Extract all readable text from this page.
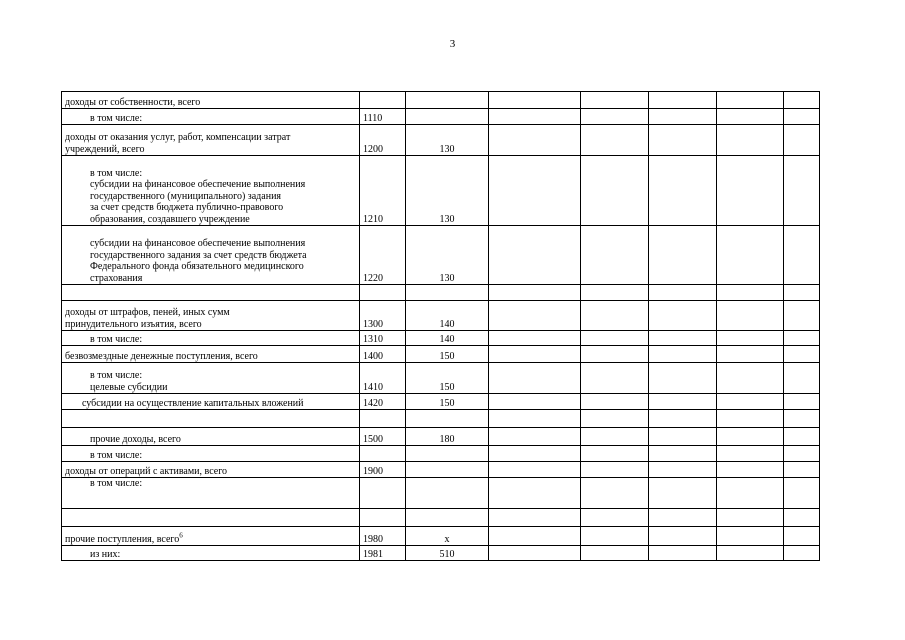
3
доходы от собственности, всего								

в том числе:	1110							

доходы от оказания услуг, работ, компенсации затрат
учреждений, всего	1200	130						

в том числе:
субсидии на финансовое обеспечение выполнения
государственного (муниципального) задания
за счет средств бюджета публично-правового
образования, создавшего учреждение	1210	130						

субсидии на финансовое обеспечение выполнения
государственного задания за счет средств бюджета
Федерального фонда обязательного медицинского
страхования	1220	130						

доходы от штрафов, пеней, иных сумм
принудительного изъятия, всего	1300	140						

в том числе:	1310	140						

безвозмездные денежные поступления, всего	1400	150						

в том числе:
целевые субсидии	1410	150						

субсидии на осуществление капитальных вложений	1420	150						

прочие доходы, всего	1500	180						

в том числе:								

доходы от операций с активами, всего	1900							

в том числе:								

прочие поступления, всего$^6$	1980	х						

из них:	1981	510						
